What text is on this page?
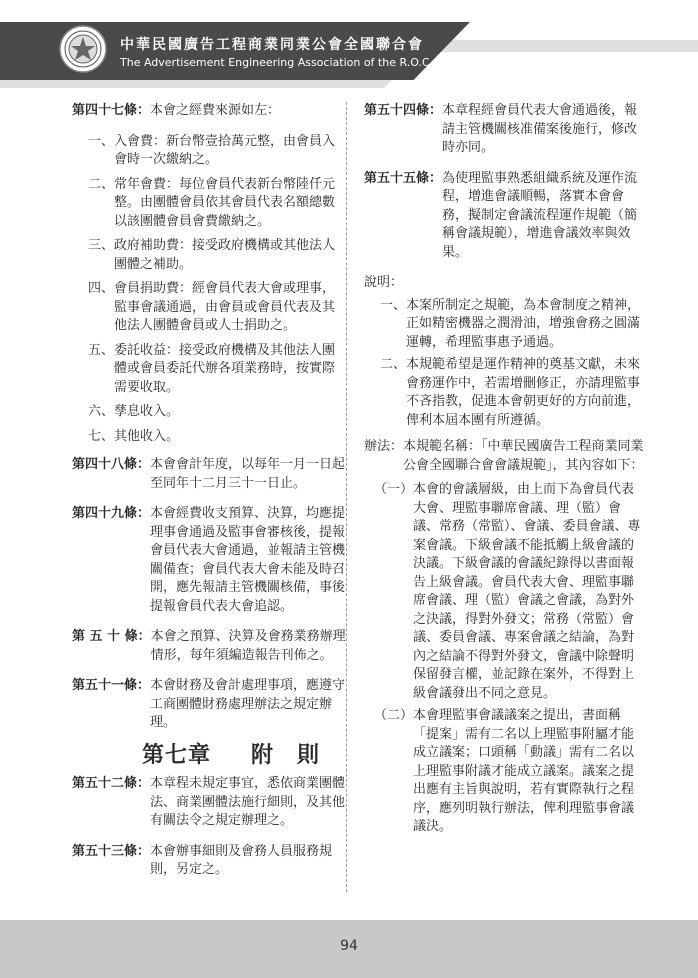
中華民國廣告工程商業同業公會全國聯合會
The Advertisement Engineering Association of the R.O.C,
第四十七條 ： 本會之經費來源如左：
一、 入會費：新台幣壹拾萬元整，由會員入會時一次繳納之。
二、 常年會費：每位會員代表新台幣陸仟元整。由團體會員依其會員代表名額總數以該團體會員會費繳納之。
三、 政府補助費：接受政府機構或其他法人團體之補助。
四、 會員捐助費：經會員代表大會或理事，監事會議通過，由會員或會員代表及其他法人團體會員或人士捐助之。
五、 委託收益：接受政府機構及其他法人團體或會員委託代辦各項業務時，按實際需要收取。
六、 孳息收入。
七、 其他收入。
第四十八條 ： 本會會計年度，以每年一月一日起至同年十二月三十一日止。
第四十九條 ： 本會經費收支預算、決算，均應提理事會通過及監事會審核後，提報會員代表大會通過，並報請主管機關備查；會員代表大會未能及時召開，應先報請主管機關核備，事後提報會員代表大會追認。
第 五 十 條 ： 本會之預算、決算及會務業務辦理情形，每年須編造報告刊佈之。
第五十一條 ： 本會財務及會計處理事項，應遵守工商團體財務處理辦法之規定辦理。
第七章 附　則
第五十二條 ： 本章程未規定事宜，悉依商業團體法、商業團體法施行細則，及其他有關法令之規定辦理之。
第五十三條 ： 本會辦事細則及會務人員服務規則，另定之。
第五十四條 ： 本章程經會員代表大會通過後，報請主管機關核准備案後施行，修改時亦同。
第五十五條 ： 為使理監事熟悉組織系統及運作流程，增進會議順暢，落實本會會務，擬制定會議流程運作規範（簡稱會議規範），增進會議效率與效果。
說明：
一、 本案所制定之規範，為本會制度之精神，正如精密機器之潤滑油，增強會務之圓滿運轉，希理監事惠予通過。
二、 本規範希望是運作精神的奠基文獻，未來會務運作中，若需增刪修正，亦請理監事不吝指教，促進本會朝更好的方向前進，俾利本屆本團有所遵循。
辦法： 本規範名稱：「中華民國廣告工程商業同業公會全國聯合會會議規範」，其內容如下：
（一） 本會的會議層級，由上而下為會員代表大會、理監事聯席會議、理（監）會議、常務（常監）、會議、委員會議、專案會議。下級會議不能抵觸上級會議的決議。下級會議的會議紀錄得以書面報告上級會議。會員代表大會、理監事聯席會議、理（監）會議之會議，為對外之決議，得對外發文；常務（常監）會議、委員會議、專案會議之結論，為對內之結論不得對外發文，會議中除聲明保留發言權，並記錄在案外，不得對上級會議發出不同之意見。
（二） 本會理監事會議議案之提出，書面稱「提案」需有二名以上理監事附屬才能成立議案；口頭稱「動議」需有二名以上理監事附議才能成立議案。議案之提出應有主旨與說明，若有實際執行之程序，應列明執行辦法，俾利理監事會議議決。
94
